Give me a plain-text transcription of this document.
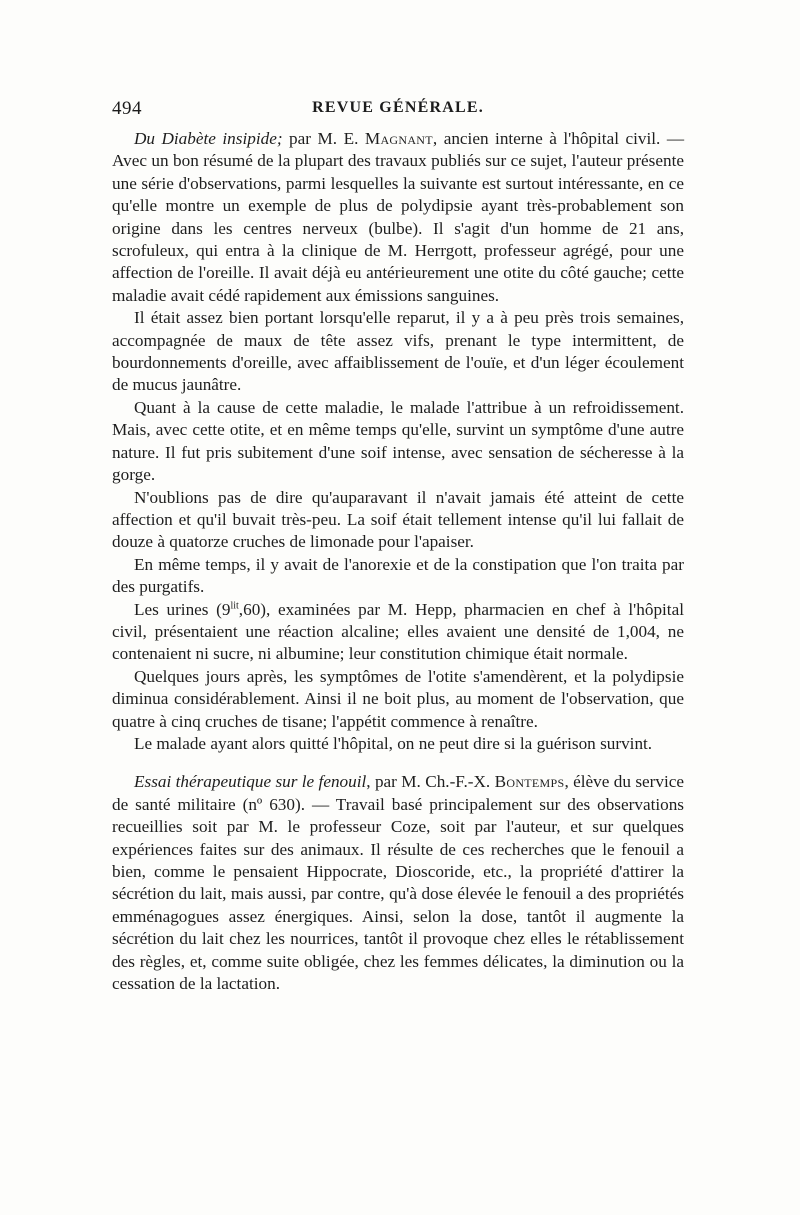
494	REVUE GÉNÉRALE.

Du Diabète insipide; par M. E. Magnant, ancien interne à l'hôpital civil. — Avec un bon résumé de la plupart des travaux publiés sur ce sujet, l'auteur présente une série d'observations, parmi lesquelles la suivante est surtout intéressante, en ce qu'elle montre un exemple de plus de polydipsie ayant très-probablement son origine dans les centres nerveux (bulbe). Il s'agit d'un homme de 21 ans, scrofuleux, qui entra à la clinique de M. Herrgott, professeur agrégé, pour une affection de l'oreille. Il avait déjà eu antérieurement une otite du côté gauche; cette maladie avait cédé rapidement aux émissions sanguines.

Il était assez bien portant lorsqu'elle reparut, il y a à peu près trois semaines, accompagnée de maux de tête assez vifs, prenant le type intermittent, de bourdonnements d'oreille, avec affaiblissement de l'ouïe, et d'un léger écoulement de mucus jaunâtre.

Quant à la cause de cette maladie, le malade l'attribue à un refroidissement. Mais, avec cette otite, et en même temps qu'elle, survint un symptôme d'une autre nature. Il fut pris subitement d'une soif intense, avec sensation de sécheresse à la gorge.

N'oublions pas de dire qu'auparavant il n'avait jamais été atteint de cette affection et qu'il buvait très-peu. La soif était tellement intense qu'il lui fallait de douze à quatorze cruches de limonade pour l'apaiser.

En même temps, il y avait de l'anorexie et de la constipation que l'on traita par des purgatifs.

Les urines $(9^{lit},60)$, examinées par M. Hepp, pharmacien en chef à l'hôpital civil, présentaient une réaction alcaline; elles avaient une densité de 1,004, ne contenaient ni sucre, ni albumine; leur constitution chimique était normale.

Quelques jours après, les symptômes de l'otite s'amendèrent, et la polydipsie diminua considérablement. Ainsi il ne boit plus, au moment de l'observation, que quatre à cinq cruches de tisane; l'appétit commence à renaître.

Le malade ayant alors quitté l'hôpital, on ne peut dire si la guérison survint.

Essai thérapeutique sur le fenouil, par M. Ch.-F.-X. Bontemps, élève du service de santé militaire (nº 630). — Travail basé principalement sur des observations recueillies soit par M. le professeur Coze, soit par l'auteur, et sur quelques expériences faites sur des animaux. Il résulte de ces recherches que le fenouil a bien, comme le pensaient Hippocrate, Dioscoride, etc., la propriété d'attirer la sécrétion du lait, mais aussi, par contre, qu'à dose élevée le fenouil a des propriétés emménagogues assez énergiques. Ainsi, selon la dose, tantôt il augmente la sécrétion du lait chez les nourrices, tantôt il provoque chez elles le rétablissement des règles, et, comme suite obligée, chez les femmes délicates, la diminution ou la cessation de la lactation.
